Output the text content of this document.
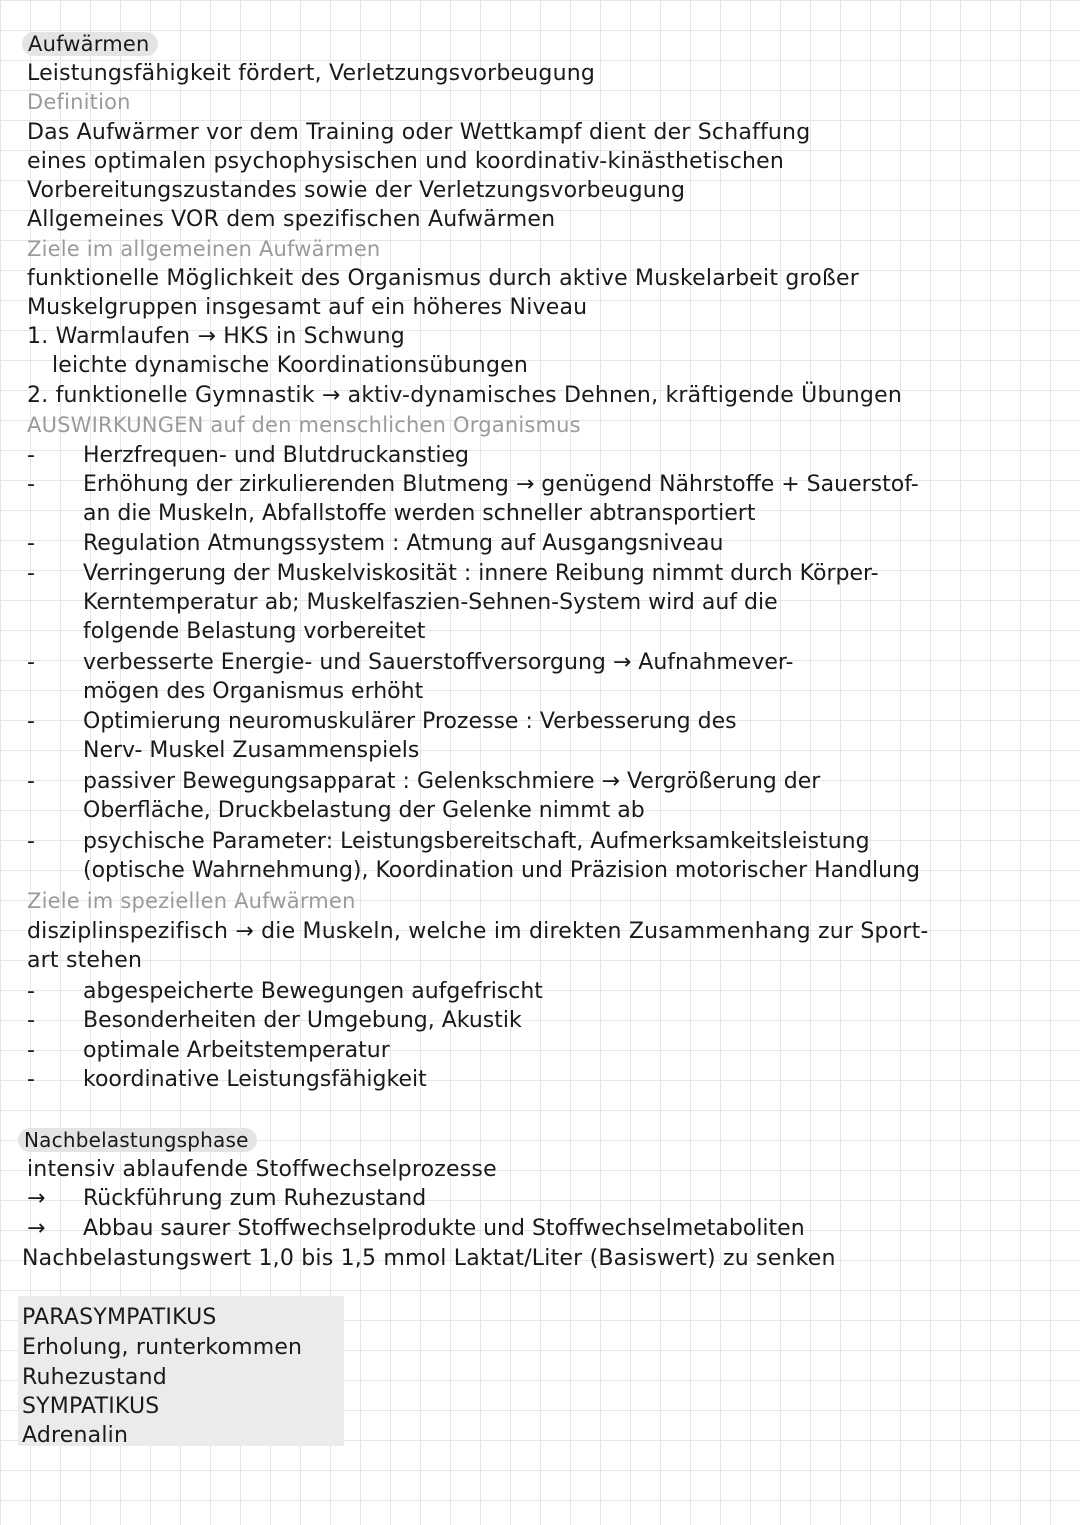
Aufwärmen
Leistungsfähigkeit fördert, Verletzungsvorbeugung
Definition
Das Aufwärmer vor dem Training oder Wettkampf dient der Schaffung
eines optimalen psychophysischen und koordinativ-kinästhetischen
Vorbereitungszustandes sowie der Verletzungsvorbeugung
Allgemeines VOR dem spezifischen Aufwärmen
Ziele im allgemeinen Aufwärmen
funktionelle Möglichkeit des Organismus durch aktive Muskelarbeit großer
Muskelgruppen insgesamt auf ein höheres Niveau
1. Warmlaufen → HKS in Schwung
leichte dynamische Koordinationsübungen
2. funktionelle Gymnastik → aktiv-dynamisches Dehnen, kräftigende Übungen
AUSWIRKUNGEN auf den menschlichen Organismus
- Herzfrequen- und Blutdruckanstieg
- Erhöhung der zirkulierenden Blutmeng → genügend Nährstoffe + Sauerstof-
an die Muskeln, Abfallstoffe werden schneller abtransportiert
- Regulation Atmungssystem : Atmung auf Ausgangsniveau
- Verringerung der Muskelviskosität : innere Reibung nimmt durch Körper-
Kerntemperatur ab; Muskelfaszien-Sehnen-System wird auf die
folgende Belastung vorbereitet
- verbesserte Energie- und Sauerstoffversorgung → Aufnahmever-
mögen des Organismus erhöht
- Optimierung neuromuskulärer Prozesse : Verbesserung des
Nerv- Muskel Zusammenspiels
- passiver Bewegungsapparat : Gelenkschmiere → Vergrößerung der
Oberfläche, Druckbelastung der Gelenke nimmt ab
- psychische Parameter: Leistungsbereitschaft, Aufmerksamkeitsleistung
(optische Wahrnehmung), Koordination und Präzision motorischer Handlung
Ziele im speziellen Aufwärmen
disziplinspezifisch → die Muskeln, welche im direkten Zusammenhang zur Sport-
art stehen
- abgespeicherte Bewegungen aufgefrischt
- Besonderheiten der Umgebung, Akustik
- optimale Arbeitstemperatur
- koordinative Leistungsfähigkeit
Nachbelastungsphase
intensiv ablaufende Stoffwechselprozesse
→ Rückführung zum Ruhezustand
→ Abbau saurer Stoffwechselprodukte und Stoffwechselmetaboliten
Nachbelastungswert 1,0 bis 1,5 mmol Laktat/Liter (Basiswert) zu senken
PARASYMPATIKUS
Erholung, runterkommen
Ruhezustand
SYMPATIKUS
Adrenalin
